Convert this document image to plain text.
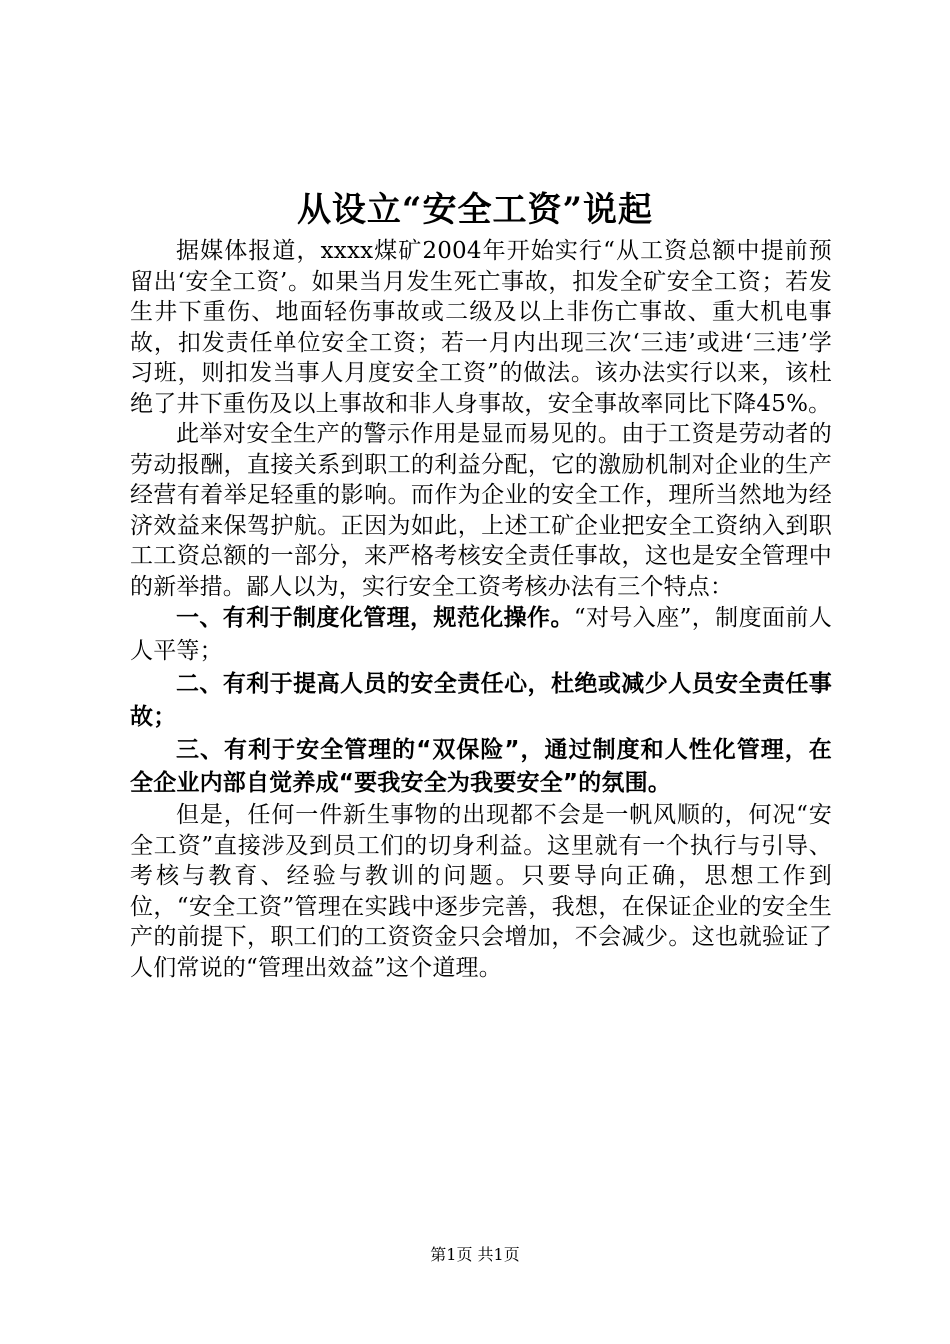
从设立“安全工资”说起

据媒体报道，xxxx煤矿2004年开始实行“从工资总额中提前预留出‘安全工资’。如果当月发生死亡事故，扣发全矿安全工资；若发生井下重伤、地面轻伤事故或二级及以上非伤亡事故、重大机电事故，扣发责任单位安全工资；若一月内出现三次‘三违’或进‘三违’学习班，则扣发当事人月度安全工资”的做法。该办法实行以来，该杜绝了井下重伤及以上事故和非人身事故，安全事故率同比下降45%。

此举对安全生产的警示作用是显而易见的。由于工资是劳动者的劳动报酬，直接关系到职工的利益分配，它的激励机制对企业的生产经营有着举足轻重的影响。而作为企业的安全工作，理所当然地为经济效益来保驾护航。正因为如此，上述工矿企业把安全工资纳入到职工工资总额的一部分，来严格考核安全责任事故，这也是安全管理中的新举措。鄙人以为，实行安全工资考核办法有三个特点：

一、有利于制度化管理，规范化操作。“对号入座”，制度面前人人平等；

二、有利于提高人员的安全责任心，杜绝或减少人员安全责任事故；

三、有利于安全管理的“双保险”，通过制度和人性化管理，在全企业内部自觉养成“要我安全为我要安全”的氛围。

但是，任何一件新生事物的出现都不会是一帆风顺的，何况“安全工资”直接涉及到员工们的切身利益。这里就有一个执行与引导、考核与教育、经验与教训的问题。只要导向正确，思想工作到位，“安全工资”管理在实践中逐步完善，我想，在保证企业的安全生产的前提下，职工们的工资资金只会增加，不会减少。这也就验证了人们常说的“管理出效益”这个道理。

第1页 共1页
